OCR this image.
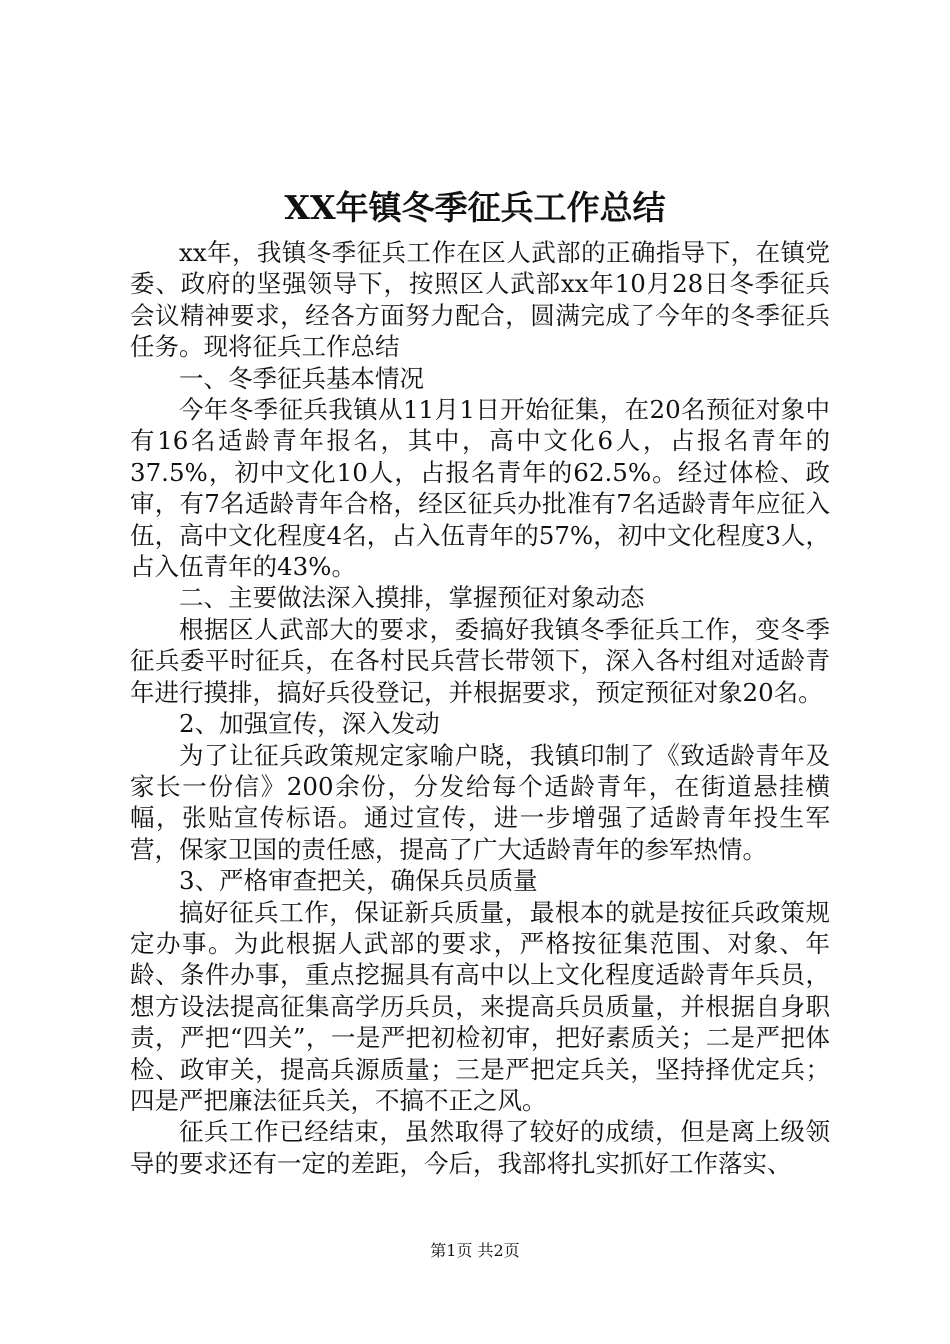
XX年镇冬季征兵工作总结

xx年，我镇冬季征兵工作在区人武部的正确指导下，在镇党委、政府的坚强领导下，按照区人武部xx年10月28日冬季征兵会议精神要求，经各方面努力配合，圆满完成了今年的冬季征兵任务。现将征兵工作总结

一、冬季征兵基本情况

今年冬季征兵我镇从11月1日开始征集，在20名预征对象中有16名适龄青年报名，其中，高中文化6人，占报名青年的37.5%，初中文化10人，占报名青年的62.5%。经过体检、政审，有7名适龄青年合格，经区征兵办批准有7名适龄青年应征入伍，高中文化程度4名，占入伍青年的57%，初中文化程度3人，占入伍青年的43%。

二、主要做法深入摸排，掌握预征对象动态

根据区人武部大的要求，委搞好我镇冬季征兵工作，变冬季征兵委平时征兵，在各村民兵营长带领下，深入各村组对适龄青年进行摸排，搞好兵役登记，并根据要求，预定预征对象20名。

2、加强宣传，深入发动

为了让征兵政策规定家喻户晓，我镇印制了《致适龄青年及家长一份信》200余份，分发给每个适龄青年，在街道悬挂横幅，张贴宣传标语。通过宣传，进一步增强了适龄青年投生军营，保家卫国的责任感，提高了广大适龄青年的参军热情。

3、严格审查把关，确保兵员质量

搞好征兵工作，保证新兵质量，最根本的就是按征兵政策规定办事。为此根据人武部的要求，严格按征集范围、对象、年龄、条件办事，重点挖掘具有高中以上文化程度适龄青年兵员，想方设法提高征集高学历兵员，来提高兵员质量，并根据自身职责，严把“四关”，一是严把初检初审，把好素质关；二是严把体检、政审关，提高兵源质量；三是严把定兵关，坚持择优定兵；四是严把廉法征兵关，不搞不正之风。

征兵工作已经结束，虽然取得了较好的成绩，但是离上级领导的要求还有一定的差距，今后，我部将扎实抓好工作落实、

第1页 共2页
